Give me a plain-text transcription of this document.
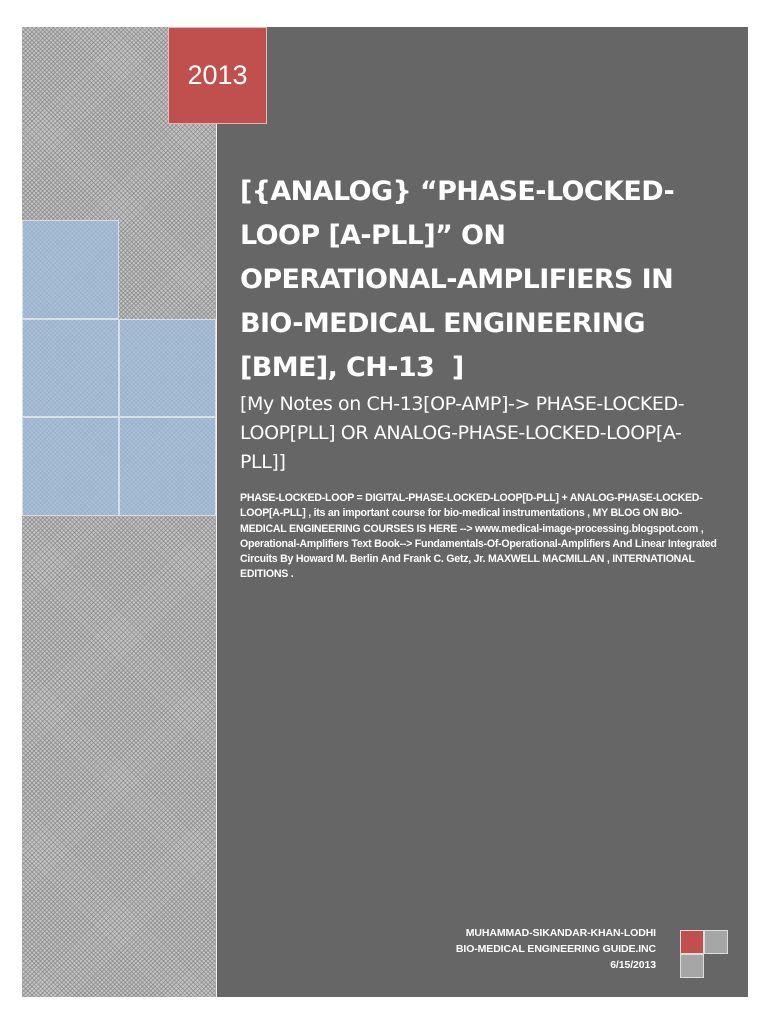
2013
[{ANALOG} “PHASE-LOCKED-LOOP [A-PLL]” ON OPERATIONAL-AMPLIFIERS IN BIO-MEDICAL ENGINEERING [BME], CH-13  ]

[My Notes on CH-13[OP-AMP]-> PHASE-LOCKED-LOOP[PLL] OR ANALOG-PHASE-LOCKED-LOOP[A-PLL]]

PHASE-LOCKED-LOOP = DIGITAL-PHASE-LOCKED-LOOP[D-PLL] + ANALOG-PHASE-LOCKED-LOOP[A-PLL] , its an important course for bio-medical instrumentations , MY BLOG ON BIO-MEDICAL ENGINEERING COURSES IS HERE --> www.medical-image-processing.blogspot.com , Operational-Amplifiers Text Book--> Fundamentals-Of-Operational-Amplifiers And Linear Integrated Circuits By Howard M. Berlin And Frank C. Getz, Jr. MAXWELL MACMILLAN , INTERNATIONAL EDITIONS .

MUHAMMAD-SIKANDAR-KHAN-LODHI
BIO-MEDICAL ENGINEERING GUIDE.INC
6/15/2013
